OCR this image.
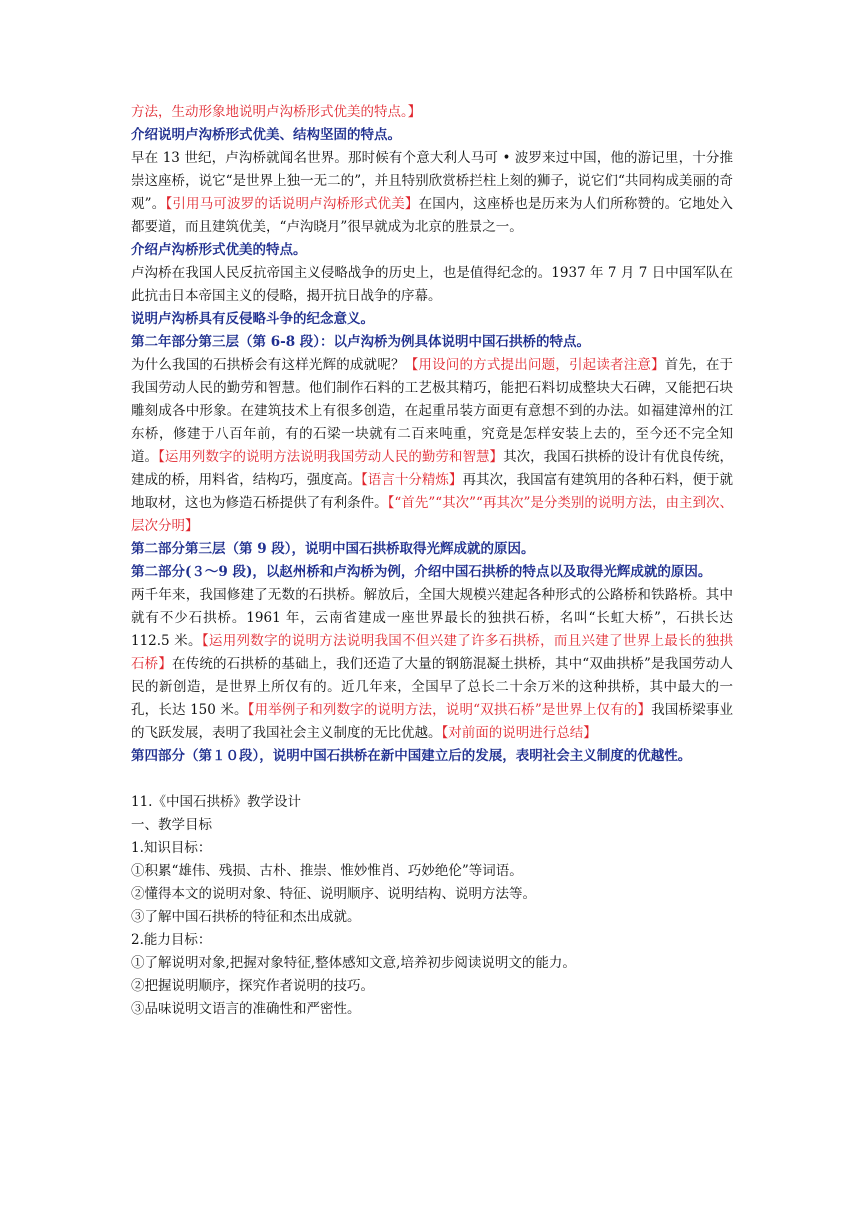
方法，生动形象地说明卢沟桥形式优美的特点。】

介绍说明卢沟桥形式优美、结构坚固的特点。

早在 13 世纪，卢沟桥就闻名世界。那时候有个意大利人马可 • 波罗来过中国，他的游记里，十分推崇这座桥，说它“是世界上独一无二的”，并且特别欣赏桥拦柱上刻的狮子，说它们“共同构成美丽的奇观”。【引用马可波罗的话说明卢沟桥形式优美】在国内，这座桥也是历来为人们所称赞的。它地处入都要道，而且建筑优美，“卢沟晓月”很早就成为北京的胜景之一。

介绍卢沟桥形式优美的特点。

卢沟桥在我国人民反抗帝国主义侵略战争的历史上，也是值得纪念的。1937 年 7 月 7 日中国军队在此抗击日本帝国主义的侵略，揭开抗日战争的序幕。

说明卢沟桥具有反侵略斗争的纪念意义。

第二年部分第三层（第 6-8 段）：以卢沟桥为例具体说明中国石拱桥的特点。

为什么我国的石拱桥会有这样光辉的成就呢？【用设问的方式提出问题，引起读者注意】首先，在于我国劳动人民的勤劳和智慧。他们制作石料的工艺极其精巧，能把石料切成整块大石碑，又能把石块雕刻成各中形象。在建筑技术上有很多创造，在起重吊装方面更有意想不到的办法。如福建漳州的江东桥，修建于八百年前，有的石梁一块就有二百来吨重，究竟是怎样安装上去的，至今还不完全知道。【运用列数字的说明方法说明我国劳动人民的勤劳和智慧】其次，我国石拱桥的设计有优良传统，建成的桥，用料省，结构巧，强度高。【语言十分精炼】再其次，我国富有建筑用的各种石料，便于就地取材，这也为修造石桥提供了有利条件。【“首先”“其次”“再其次”是分类别的说明方法，由主到次、层次分明】

第二部分第三层（第 9 段），说明中国石拱桥取得光辉成就的原因。

第二部分(３～9 段)，以赵州桥和卢沟桥为例，介绍中国石拱桥的特点以及取得光辉成就的原因。

两千年来，我国修建了无数的石拱桥。解放后，全国大规模兴建起各种形式的公路桥和铁路桥。其中就有不少石拱桥。1961 年，云南省建成一座世界最长的独拱石桥，名叫“长虹大桥”，石拱长达 112.5 米。【运用列数字的说明方法说明我国不但兴建了许多石拱桥，而且兴建了世界上最长的独拱石桥】在传统的石拱桥的基础上，我们还造了大量的钢筋混凝土拱桥，其中“双曲拱桥”是我国劳动人民的新创造，是世界上所仅有的。近几年来，全国早了总长二十余万米的这种拱桥，其中最大的一孔，长达 150 米。【用举例子和列数字的说明方法，说明“双拱石桥”是世界上仅有的】我国桥梁事业的飞跃发展，表明了我国社会主义制度的无比优越。【对前面的说明进行总结】

第四部分（第１０段），说明中国石拱桥在新中国建立后的发展，表明社会主义制度的优越性。

11.《中国石拱桥》教学设计

一、教学目标

1.知识目标：

①积累“雄伟、残损、古朴、推崇、惟妙惟肖、巧妙绝伦”等词语。

②懂得本文的说明对象、特征、说明顺序、说明结构、说明方法等。

③了解中国石拱桥的特征和杰出成就。

2.能力目标：

①了解说明对象,把握对象特征,整体感知文意,培养初步阅读说明文的能力。

②把握说明顺序，探究作者说明的技巧。

③品味说明文语言的准确性和严密性。
